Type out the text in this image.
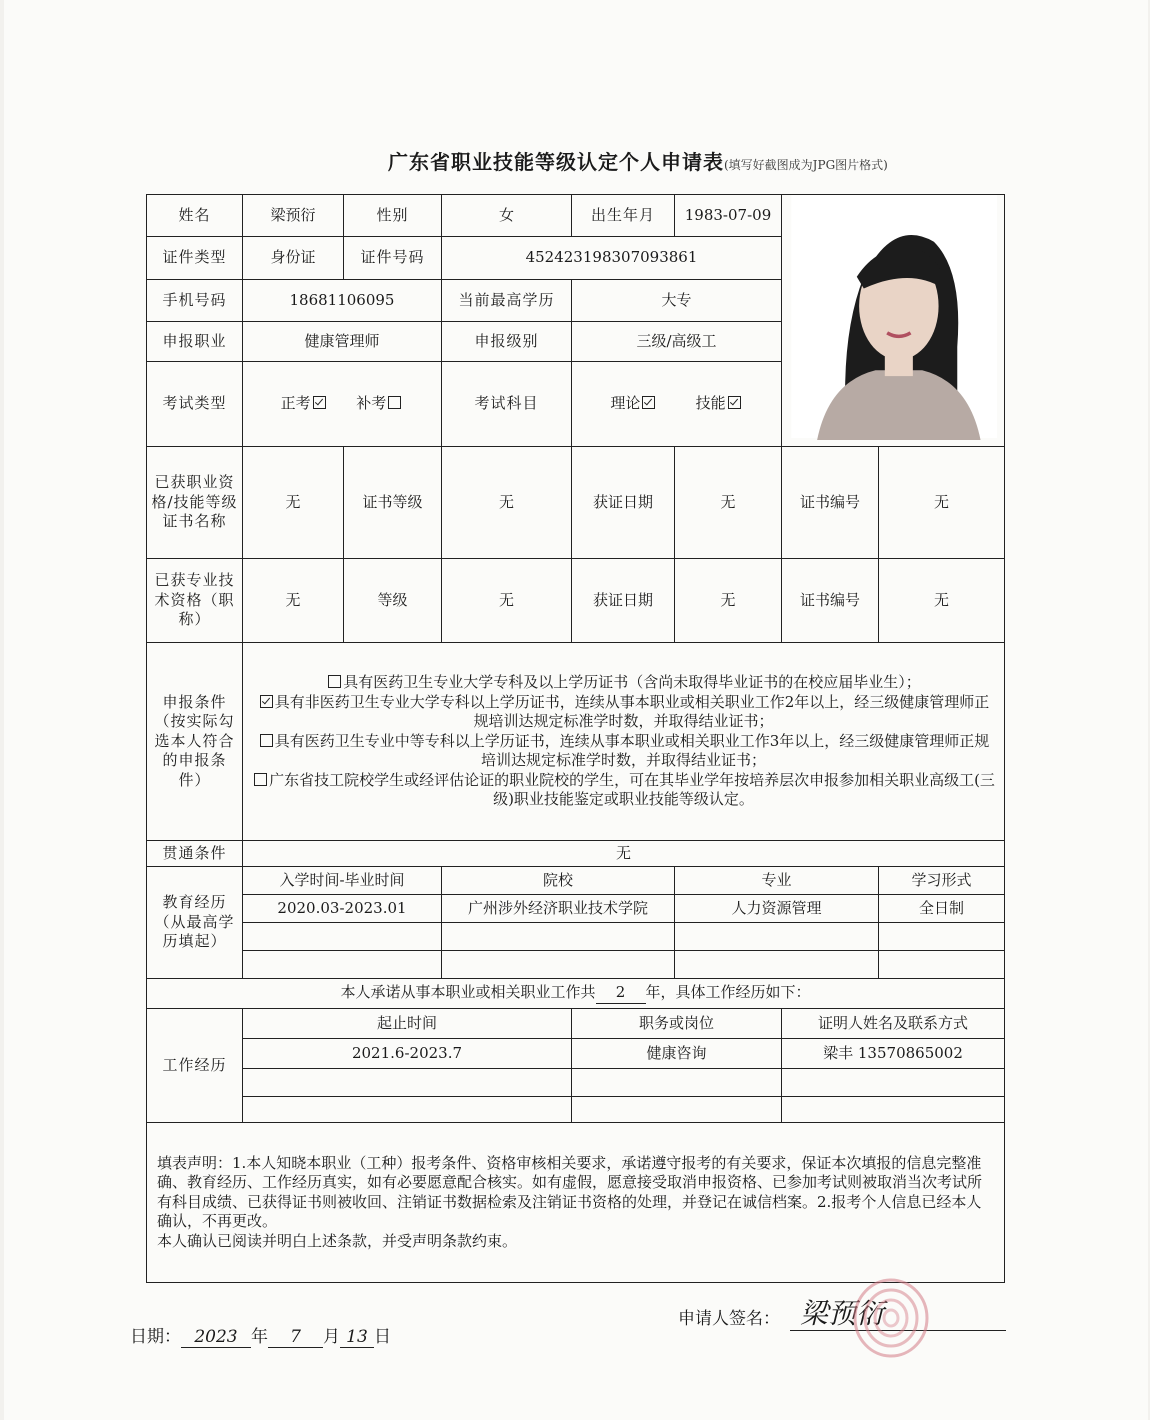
广东省职业技能等级认定个人申请表(填写好截图成为JPG图片格式)
姓名	梁预衍	性别	女	出生年月	1983-07-09	

证件类型	身份证	证件号码	452423198307093861				
手机号码	18681106095		当前最高学历	大专			
申报职业	健康管理师		申报级别	三级/高级工			
考试类型	正考 补考		考试科目	理论 技能			
已获职业资格/技能等级证书名称	无	证书等级	无	获证日期	无	证书编号	无
已获专业技术资格（职称）	无	等级	无	获证日期	无	证书编号	无
申报条件（按实际勾选本人符合的申报条件）	具有医药卫生专业大学专科及以上学历证书（含尚未取得毕业证书的在校应届毕业生）；
具有非医药卫生专业大学专科以上学历证书，连续从事本职业或相关职业工作2年以上，经三级健康管理师正规培训达规定标准学时数，并取得结业证书；
具有医药卫生专业中等专科以上学历证书，连续从事本职业或相关职业工作3年以上，经三级健康管理师正规培训达规定标准学时数，并取得结业证书；
广东省技工院校学生或经评估论证的职业院校的学生，可在其毕业学年按培养层次申报参加相关职业高级工(三级)职业技能鉴定或职业技能等级认定。						

贯通条件	无						
教育经历（从最高学历填起）	入学时间-毕业时间		院校		专业		学习形式
	2020.03-2023.01		广州涉外经济职业技术学院		人力资源管理		全日制

本人承诺从事本职业或相关职业工作共 2 年，具体工作经历如下：							
工作经历	起止时间			职务或岗位		证明人姓名及联系方式	
	2021.6-2023.7			健康咨询		梁丰 13570865002	

填表声明：1.本人知晓本职业（工种）报考条件、资格审核相关要求，承诺遵守报考的有关要求，保证本次填报的信息完整准确、教育经历、工作经历真实，如有必要愿意配合核实。如有虚假，愿意接受取消申报资格、已参加考试则被取消当次考试所有科目成绩、已获得证书则被收回、注销证书数据检索及注销证书资格的处理，并登记在诚信档案。2.报考个人信息已经本人确认，不再更改。
本人确认已阅读并明白上述条款，并受声明条款约束。							
日期： 2023 年 7 月 13 日
申请人签名： 梁预衍
